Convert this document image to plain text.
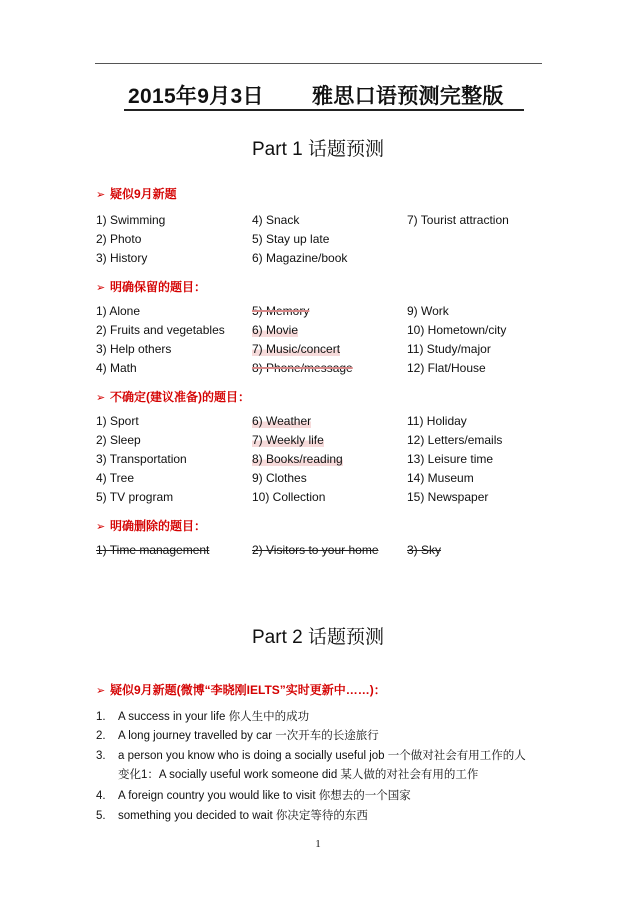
2015年9月3日 雅思口语预测完整版
Part 1 话题预测
➢ 疑似9月新题
1) Swimming	4) Snack	7) Tourist attraction
2) Photo	5) Stay up late
3) History	6) Magazine/book
➢ 明确保留的题目：
1) Alone	5) Memory	9) Work
2) Fruits and vegetables 6) Movie	10) Hometown/city
3) Help others	7) Music/concert	11) Study/major
4) Math	8) Phone/message	12) Flat/House
➢ 不确定(建议准备)的题目：
1) Sport	6) Weather	11) Holiday
2) Sleep	7) Weekly life	12) Letters/emails
3) Transportation	8) Books/reading	13) Leisure time
4) Tree	9) Clothes	14) Museum
5) TV program	10) Collection	15) Newspaper
➢ 明确删除的题目：
1) Time management	2) Visitors to your home 3) Sky
Part 2 话题预测
➢ 疑似9月新题(微博“李晓刚IELTS”实时更新中……)：
1. A success in your life 你人生中的成功
2. A long journey travelled by car 一次开车的长途旅行
3. a person you know who is doing a socially useful job 一个做对社会有用工作的人
变化1：A socially useful work someone did 某人做的对社会有用的工作
4. A foreign country you would like to visit 你想去的一个国家
5. something you decided to wait 你决定等待的东西
1
